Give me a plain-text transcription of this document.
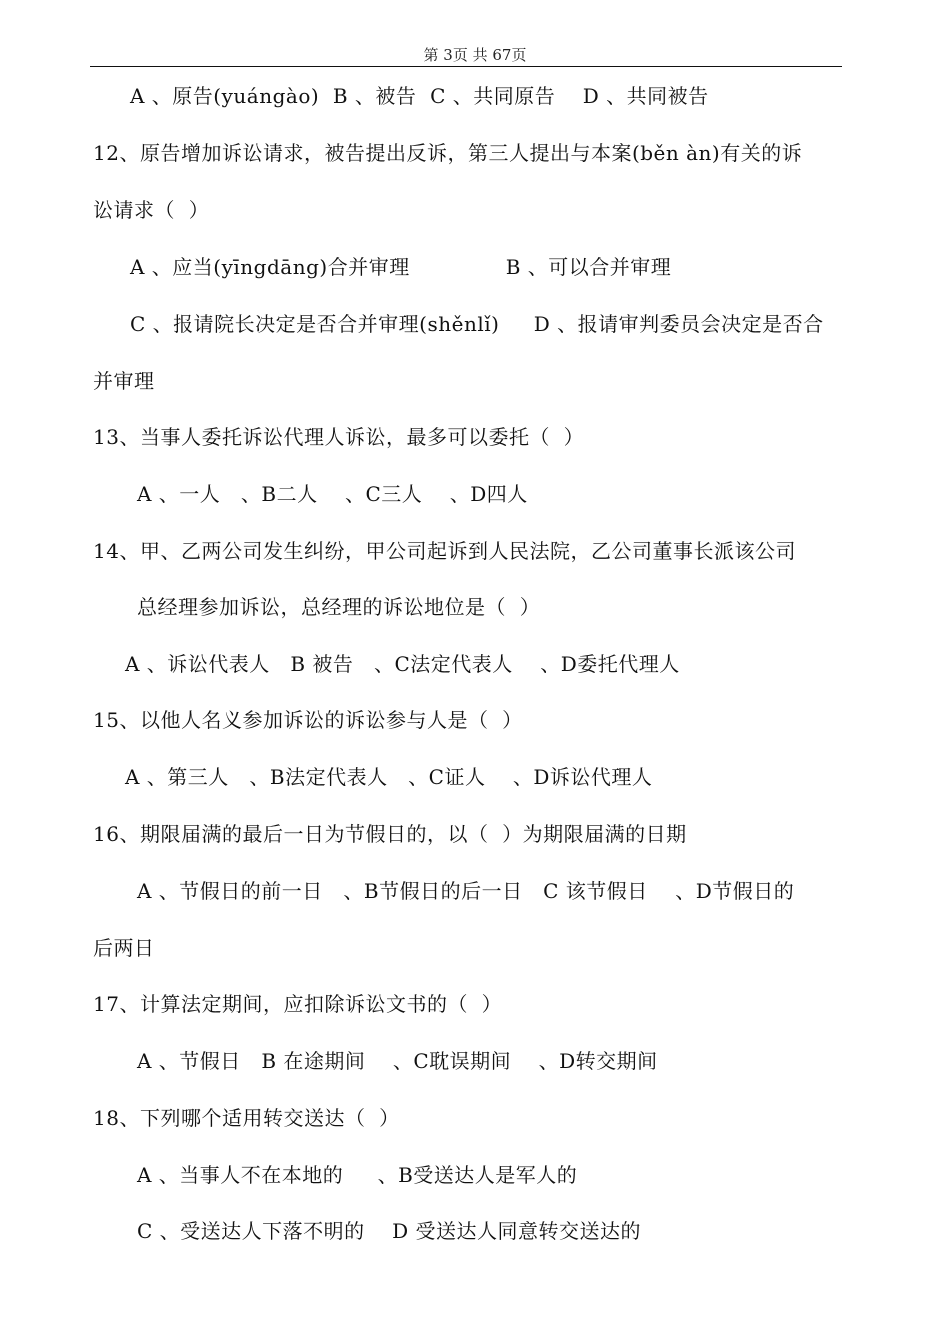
第 3页 共 67页
A 、原告(yuángào)  B 、被告  C 、共同原告    D 、共同被告
12、原告增加诉讼请求，被告提出反诉，第三人提出与本案(běn àn)有关的诉
讼请求（  ）
A 、应当(yīngdāng)合并审理              B 、可以合并审理
C 、报请院长决定是否合并审理(shěnlǐ)     D 、报请审判委员会决定是否合
并审理
13、当事人委托诉讼代理人诉讼，最多可以委托（  ）
A 、一人   、B二人    、C三人    、D四人
14、甲、乙两公司发生纠纷，甲公司起诉到人民法院，乙公司董事长派该公司
总经理参加诉讼，总经理的诉讼地位是（  ）
A 、诉讼代表人   B 被告   、C法定代表人    、D委托代理人
15、以他人名义参加诉讼的诉讼参与人是（  ）
A 、第三人   、B法定代表人   、C证人    、D诉讼代理人
16、期限届满的最后一日为节假日的，以（  ）为期限届满的日期
A 、节假日的前一日   、B节假日的后一日   C 该节假日    、D节假日的
后两日
17、计算法定期间，应扣除诉讼文书的（  ）
A 、节假日   B 在途期间    、C耽误期间    、D转交期间
18、下列哪个适用转交送达（  ）
A 、当事人不在本地的     、B受送达人是军人的
C 、受送达人下落不明的    D 受送达人同意转交送达的
